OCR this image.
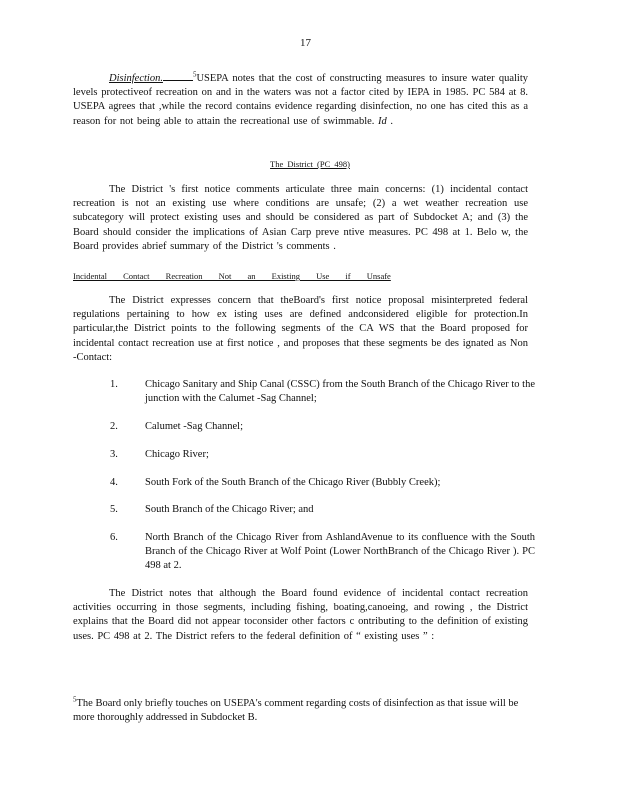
17
Disinfection.	$^5$USEPA notes that the cost of constructing measures to insure water quality levels protectiveof recreation on and in the waters was not a factor cited by IEPA in 1985. PC 584 at 8. USEPA agrees that ,while the record contains evidence regarding disinfection, no one has cited this as a reason for not being able to attain the recreational use of swimmable. Id .
The District (PC 498)
The District 's first notice comments articulate three main concerns: (1) incidental contact recreation is not an existing use where conditions are unsafe; (2) a wet weather recreation use subcategory will protect existing uses and should be considered as part of Subdocket A; and (3) the Board should consider the implications of Asian Carp preve ntive measures. PC 498 at 1. Belo w, the Board provides abrief summary of the District 's comments .
Incidental Contact Recreation Not an Existing Use if Unsafe
The District expresses concern that theBoard's first notice proposal misinterpreted federal regulations pertaining to how ex isting uses are defined andconsidered eligible for protection.In particular,the District points to the following segments of the CA WS that the Board proposed for incidental contact recreation use at first notice , and proposes that these segments be des ignated as Non -Contact:
1.	Chicago Sanitary and Ship Canal (CSSC) from the South Branch of the Chicago River to the junction with the Calumet -Sag Channel;
2.	Calumet -Sag Channel;
3.	Chicago River;
4.	South Fork of the South Branch of the Chicago River (Bubbly Creek);
5.	South Branch of the Chicago River; and
6.	North Branch of the Chicago River from AshlandAvenue to its confluence with the South Branch of the Chicago River at Wolf Point (Lower NorthBranch of the Chicago River ). PC 498 at 2.
The District notes that although the Board found evidence of incidental contact recreation activities occurring in those segments, including fishing, boating,canoeing, and rowing , the District explains that the Board did not appear toconsider other factors c ontributing to the definition of existing uses. PC 498 at 2. The District refers to the federal definition of “ existing uses ” :
$^5$The Board only briefly touches on USEPA's comment regarding costs of disinfection as that issue will be more thoroughly addressed in Subdocket B.
